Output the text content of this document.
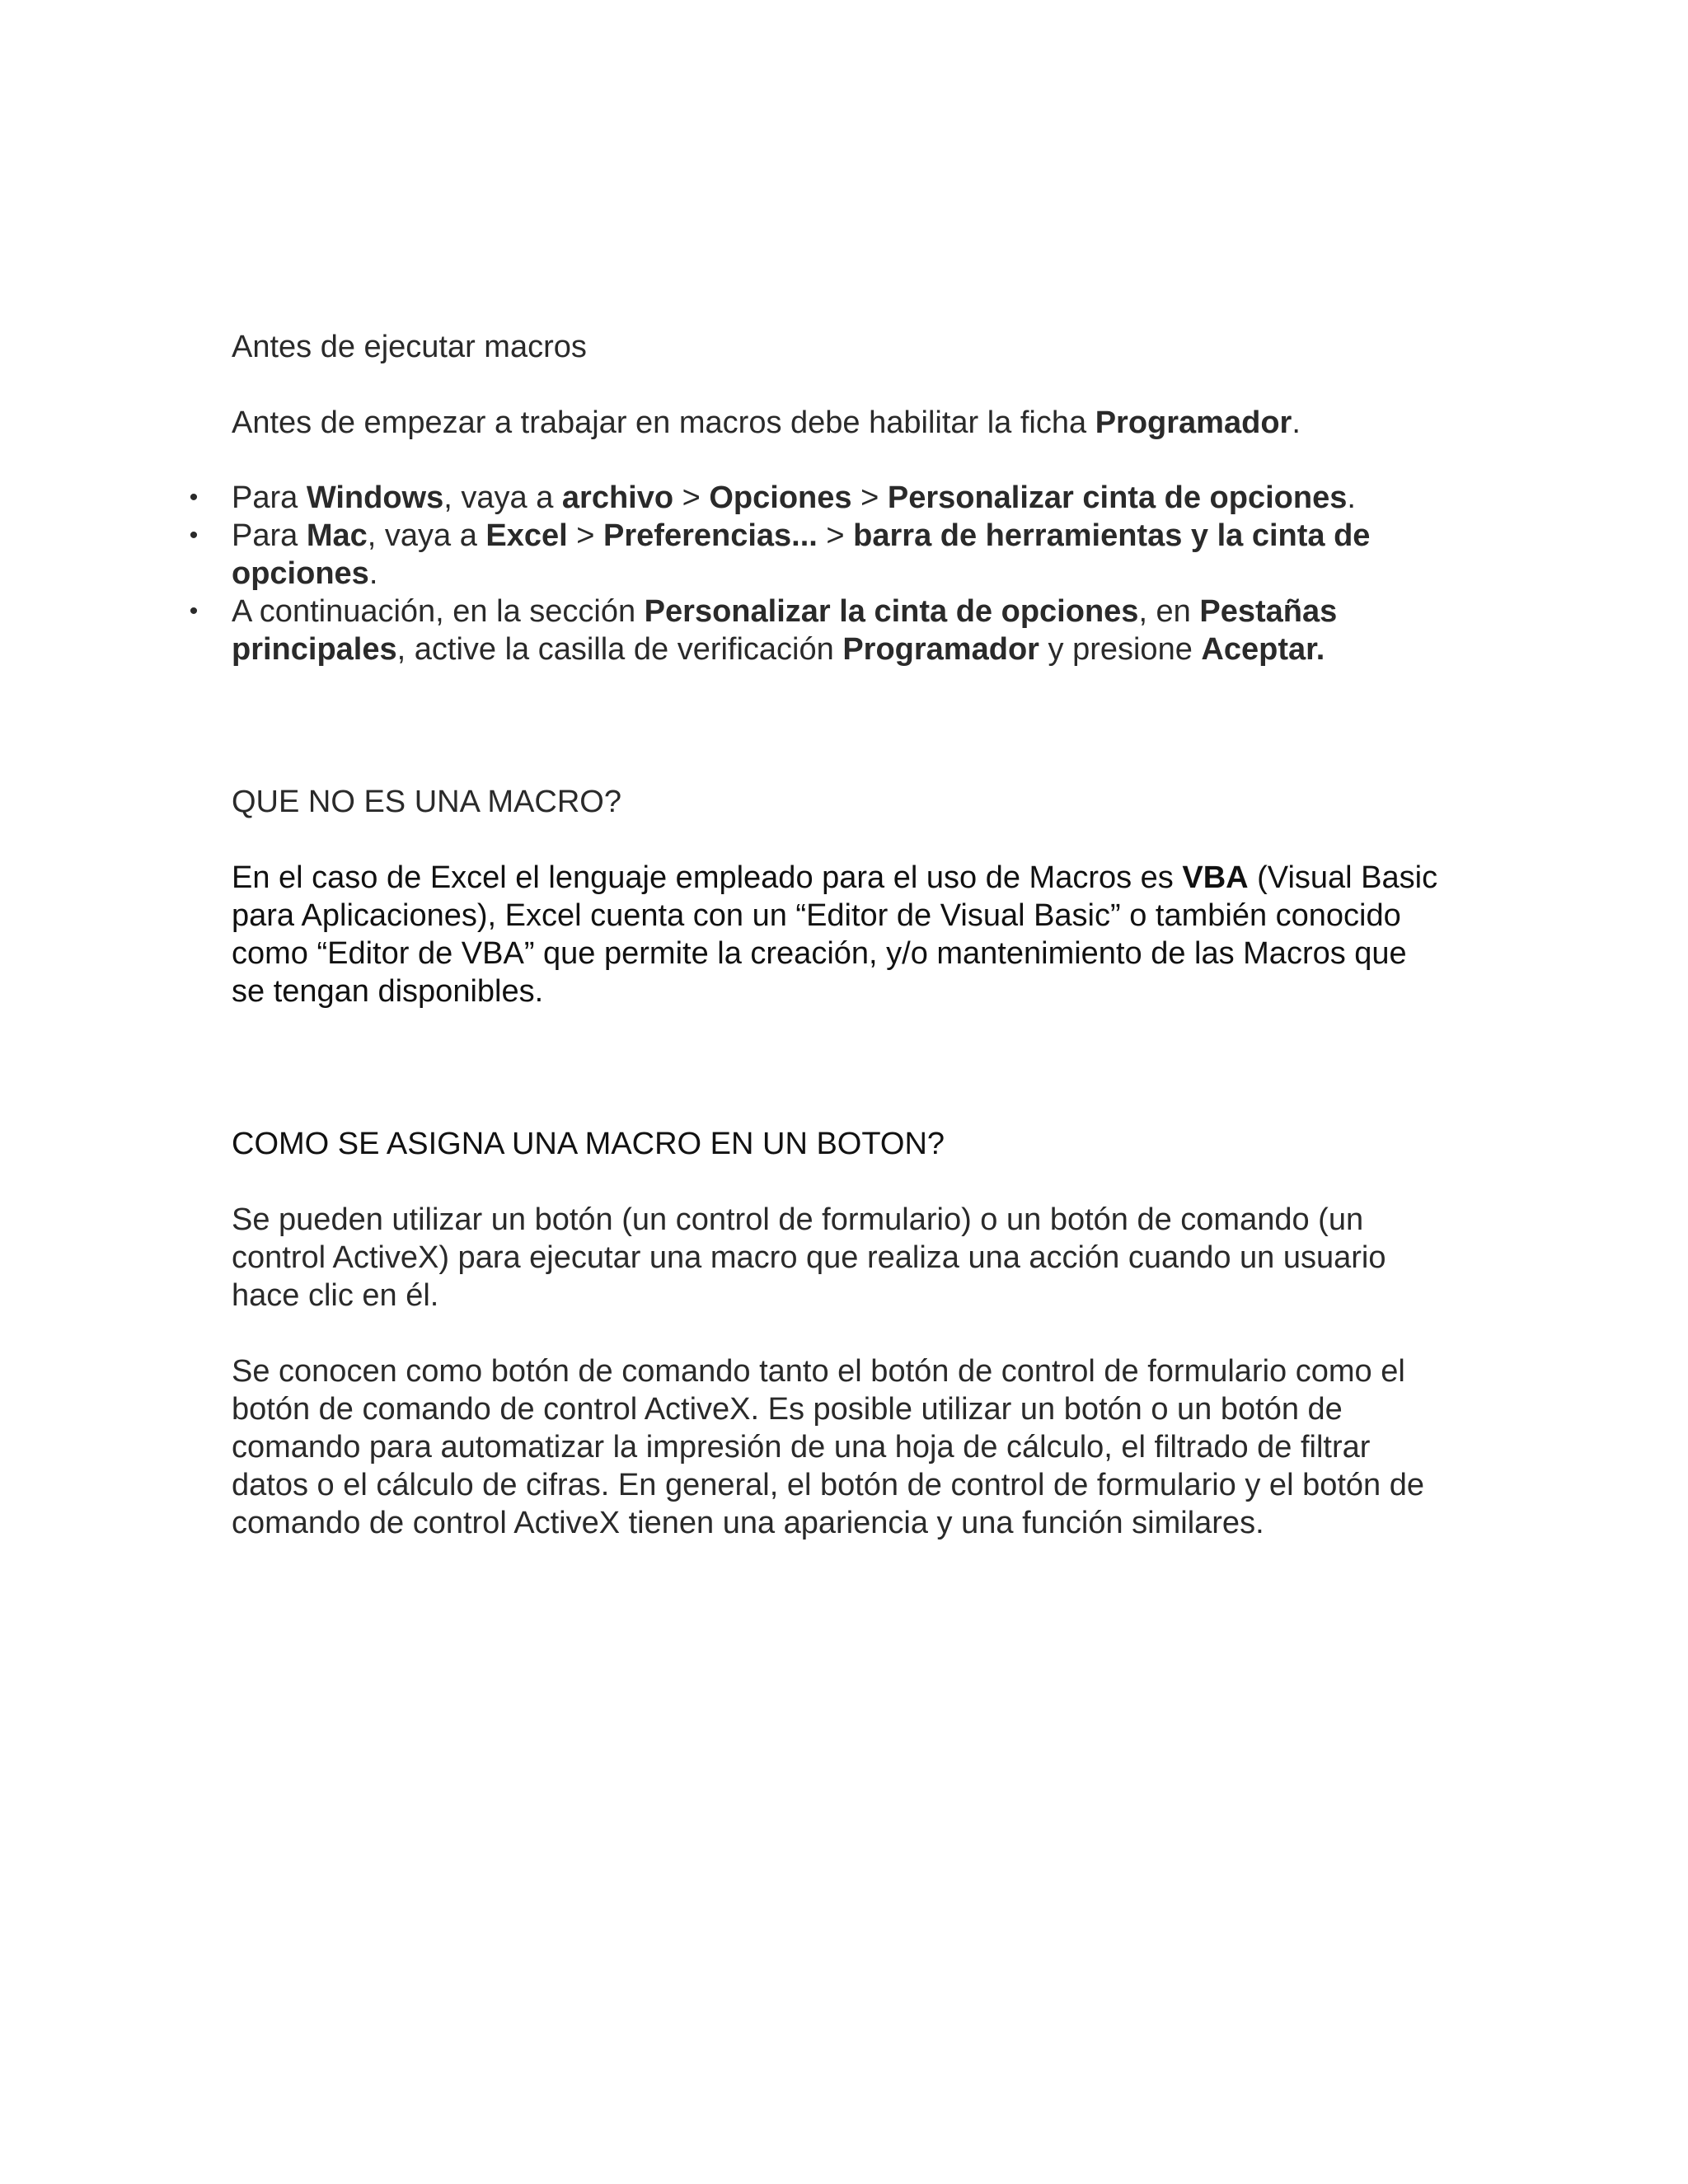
Antes de ejecutar macros

Antes de empezar a trabajar en macros debe habilitar la ficha Programador.

• Para Windows, vaya a archivo > Opciones > Personalizar cinta de opciones.
• Para Mac, vaya a Excel > Preferencias... > barra de herramientas y la cinta de opciones.
• A continuación, en la sección Personalizar la cinta de opciones, en Pestañas principales, active la casilla de verificación Programador y presione Aceptar.

QUE NO ES UNA MACRO?

En el caso de Excel el lenguaje empleado para el uso de Macros es VBA (Visual Basic para Aplicaciones), Excel cuenta con un “Editor de Visual Basic” o también conocido como “Editor de VBA” que permite la creación, y/o mantenimiento de las Macros que se tengan disponibles.

COMO SE ASIGNA UNA MACRO EN UN BOTON?

Se pueden utilizar un botón (un control de formulario) o un botón de comando (un control ActiveX) para ejecutar una macro que realiza una acción cuando un usuario hace clic en él.

Se conocen como botón de comando tanto el botón de control de formulario como el botón de comando de control ActiveX. Es posible utilizar un botón o un botón de comando para automatizar la impresión de una hoja de cálculo, el filtrado de filtrar datos o el cálculo de cifras. En general, el botón de control de formulario y el botón de comando de control ActiveX tienen una apariencia y una función similares.
